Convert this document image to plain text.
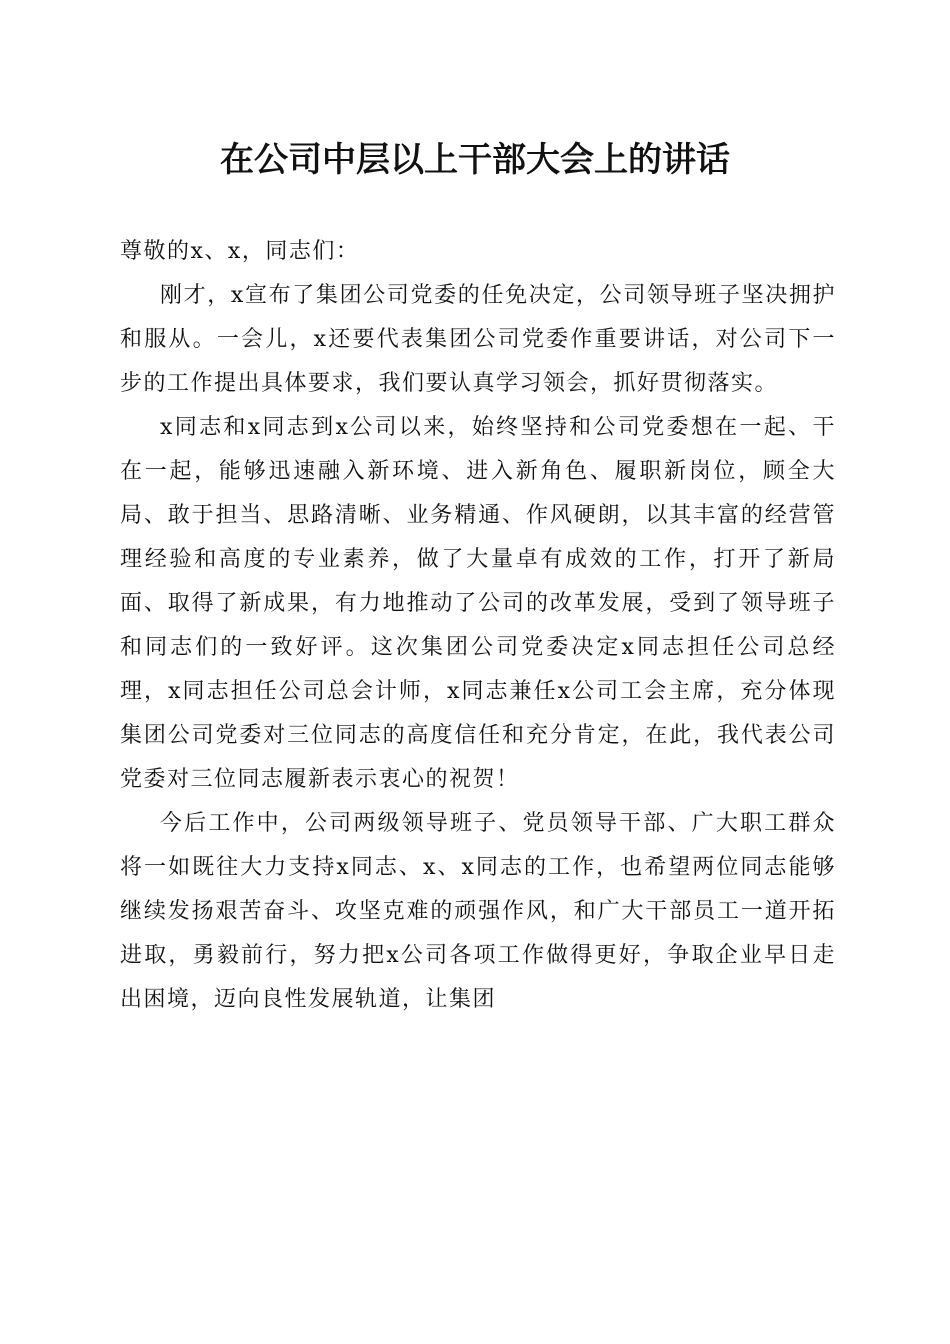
在公司中层以上干部大会上的讲话

尊敬的x、x，同志们：

刚才，x宣布了集团公司党委的任免决定，公司领导班子坚决拥护和服从。一会儿，x还要代表集团公司党委作重要讲话，对公司下一步的工作提出具体要求，我们要认真学习领会，抓好贯彻落实。

x同志和x同志到x公司以来，始终坚持和公司党委想在一起、干在一起，能够迅速融入新环境、进入新角色、履职新岗位，顾全大局、敢于担当、思路清晰、业务精通、作风硬朗，以其丰富的经营管理经验和高度的专业素养，做了大量卓有成效的工作，打开了新局面、取得了新成果，有力地推动了公司的改革发展，受到了领导班子和同志们的一致好评。这次集团公司党委决定x同志担任公司总经理，x同志担任公司总会计师，x同志兼任x公司工会主席，充分体现集团公司党委对三位同志的高度信任和充分肯定，在此，我代表公司党委对三位同志履新表示衷心的祝贺！

今后工作中，公司两级领导班子、党员领导干部、广大职工群众将一如既往大力支持x同志、x、x同志的工作，也希望两位同志能够继续发扬艰苦奋斗、攻坚克难的顽强作风，和广大干部员工一道开拓进取，勇毅前行，努力把x公司各项工作做得更好，争取企业早日走出困境，迈向良性发展轨道，让集团
